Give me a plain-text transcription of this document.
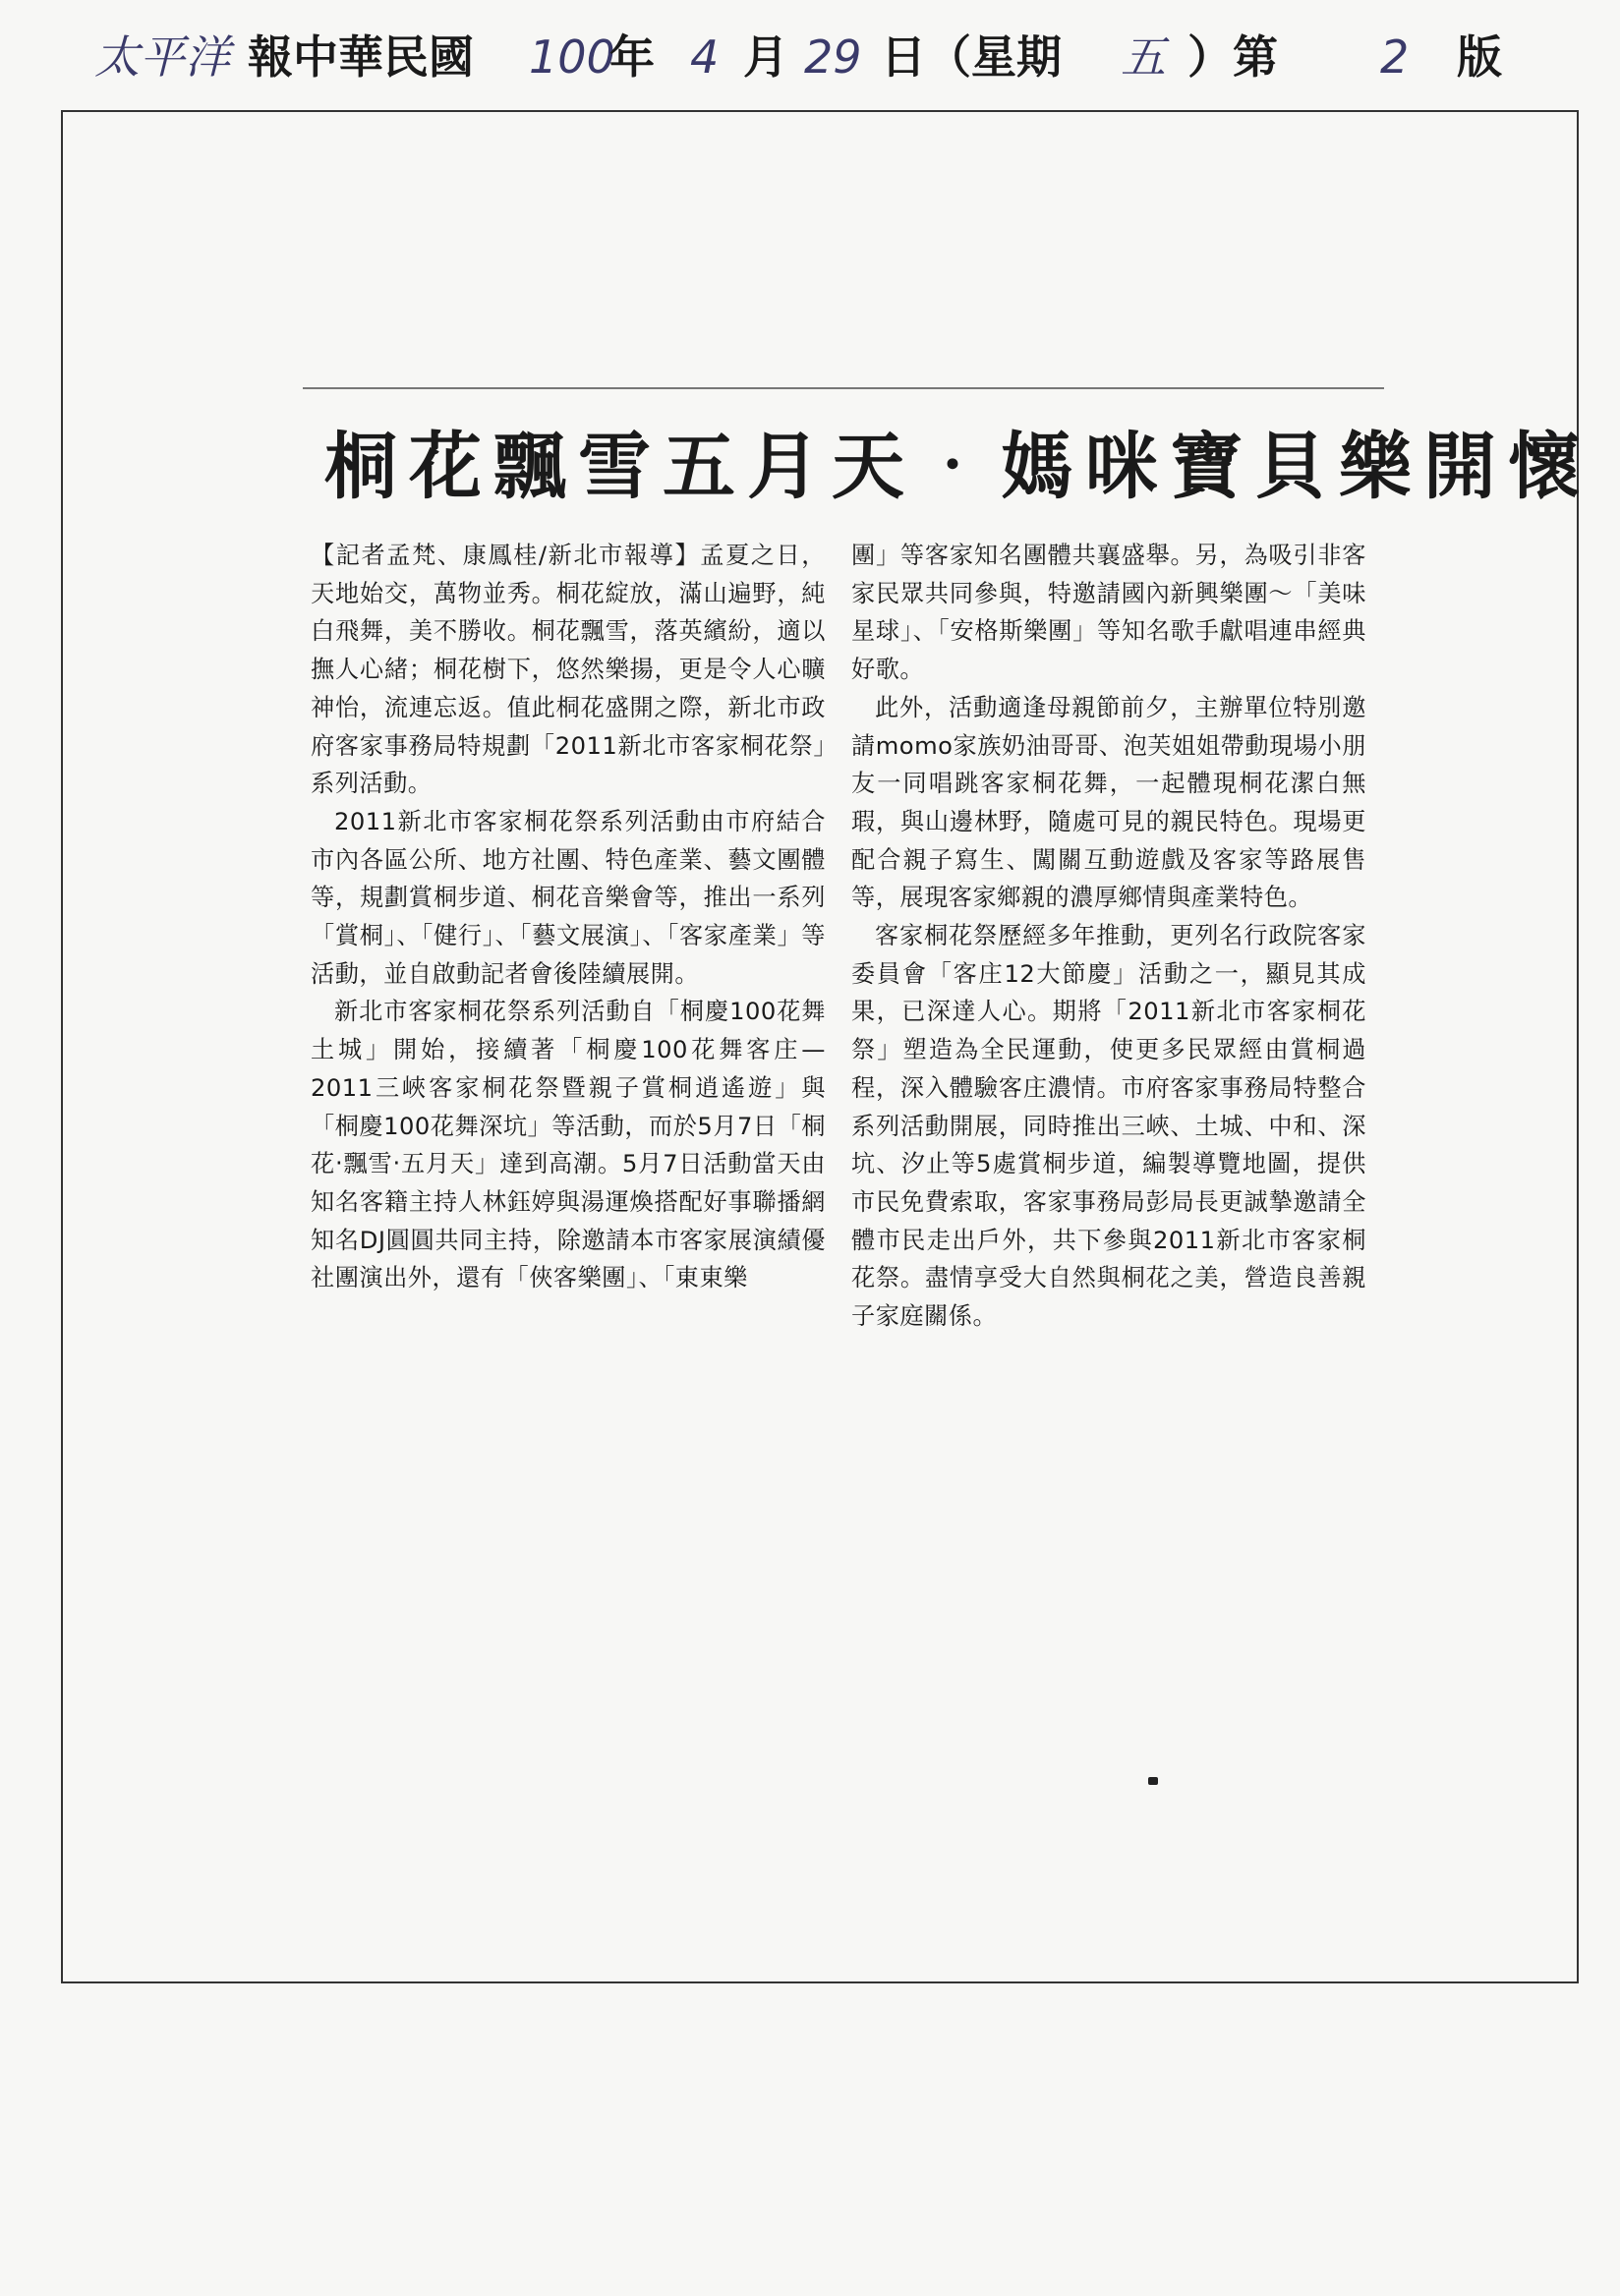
太平洋 報中華民國 100
年 4 月 29 日（星期 五 ）第 2 版
桐花飄雪五月天‧媽咪寶貝樂開懷

【記者孟梵、康鳳桂/新北市報導】孟夏之日，天地始交，萬物並秀。桐花綻放，滿山遍野，純白飛舞，美不勝收。桐花飄雪，落英繽紛，適以撫人心緒；桐花樹下，悠然樂揚，更是令人心曠神怡，流連忘返。值此桐花盛開之際，新北市政府客家事務局特規劃「2011新北市客家桐花祭」系列活動。

2011新北市客家桐花祭系列活動由市府結合市內各區公所、地方社團、特色產業、藝文團體等，規劃賞桐步道、桐花音樂會等，推出一系列「賞桐」、「健行」、「藝文展演」、「客家產業」等活動，並自啟動記者會後陸續展開。

新北市客家桐花祭系列活動自「桐慶100花舞土城」開始，接續著「桐慶100花舞客庄—2011三峽客家桐花祭暨親子賞桐逍遙遊」與「桐慶100花舞深坑」等活動，而於5月7日「桐花‧飄雪‧五月天」達到高潮。5月7日活動當天由知名客籍主持人林鈺婷與湯運煥搭配好事聯播網知名DJ圓圓共同主持，除邀請本市客家展演績優社團演出外，還有「俠客樂團」、「東東樂

團」等客家知名團體共襄盛舉。另，為吸引非客家民眾共同參與，特邀請國內新興樂團～「美味星球」、「安格斯樂團」等知名歌手獻唱連串經典好歌。

此外，活動適逢母親節前夕，主辦單位特別邀請momo家族奶油哥哥、泡芙姐姐帶動現場小朋友一同唱跳客家桐花舞，一起體現桐花潔白無瑕，與山邊林野，隨處可見的親民特色。現場更配合親子寫生、闖關互動遊戲及客家等路展售等，展現客家鄉親的濃厚鄉情與產業特色。

客家桐花祭歷經多年推動，更列名行政院客家委員會「客庄12大節慶」活動之一，顯見其成果，已深達人心。期將「2011新北市客家桐花祭」塑造為全民運動，使更多民眾經由賞桐過程，深入體驗客庄濃情。市府客家事務局特整合系列活動開展，同時推出三峽、土城、中和、深坑、汐止等5處賞桐步道，編製導覽地圖，提供市民免費索取，客家事務局彭局長更誠摯邀請全體市民走出戶外，共下參與2011新北市客家桐花祭。盡情享受大自然與桐花之美，營造良善親子家庭關係。
